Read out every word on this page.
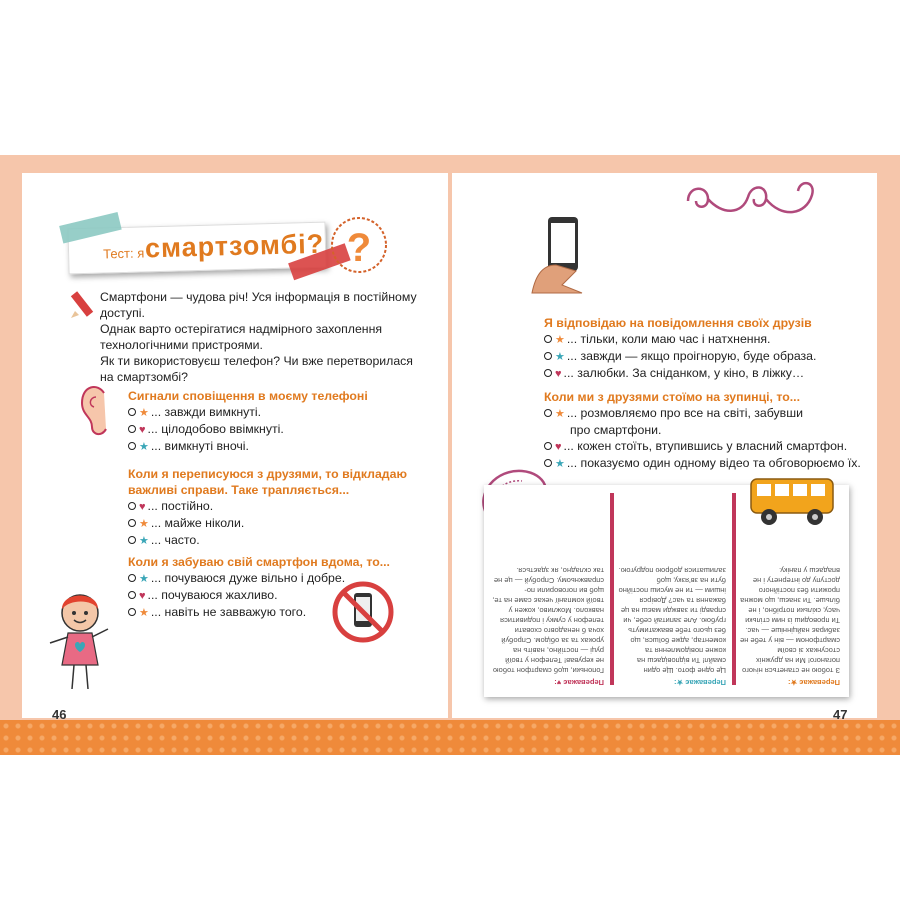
Тест: я смартзомбі? ?
Смартфони — чудова річ! Уся інформація в постійному доступі.
Однак варто остерігатися надмірного захоплення
технологічними пристроями.
Як ти використовуєш телефон? Чи вже перетворилася
на смартзомбі?
Сигнали сповіщення в моєму телефоні
★ ... завжди вимкнуті.
♥ ... цілодобово ввімкнуті.
★ ... вимкнуті вночі.
Коли я переписуюся з друзями, то відкладаю
важливі справи. Таке трапляється...
♥ ... постійно.
★ ... майже ніколи.
★ ... часто.
Коли я забуваю свій смартфон вдома, то...
★ ... почуваюся дуже вільно і добре.
♥ ... почуваюся жахливо.
★ ... навіть не завважую того.
Я відповідаю на повідомлення своїх друзів
★ ... тільки, коли маю час і натхнення.
★ ... завжди — якщо проігнорую, буде образа.
♥ ... залюбки. За сніданком, у кіно, в ліжку…
Коли ми з друзями стоїмо на зупинці, то...
★ ... розмовляємо про все на світі, забувши
про смартфони.
♥ ... кожен стоїть, втупившись у власний смартфон.
★ ... показуємо один одному відео та обговорюємо їх.
Переважає ♥:
Гопоньки, щоб смартфон тобою не керував! Телефон у твоїй руці — постійно, навіть на уроках та за обідом. Спробуй хоча б ненадовго сховати телефон у сумку і подивитися навколо. Можливо, кожен у твоїй компанії чекає саме на те, щоб ви поговорили по-справжньому. Спробуй — це не так складно, як здається.
Переважає ★:
Це одне фото. Ще один смайл! Ти відповідаєш на кожне повідомлення та коментар, адже боїшся, що без цього тебе вважатимуть грубою. Але запитай себе, чи справді ти завжди маєш на це бажання та час? Довірся іншим — ти не мусиш постійно бути на зв'язку, щоб залишатися доброю подругою.
Переважає ★:
З тобою не станеться нічого поганого! Ми на дружніх стосунках зі своїм смартфоном — він у тебе не забирає найцінніше — час. Ти проводиш із ним стільки часу, скільки потрібно, і не більше. Ти знаєш, що можна прожити без постійного доступу до інтернету і не впадаєш у паніку.
46	47
